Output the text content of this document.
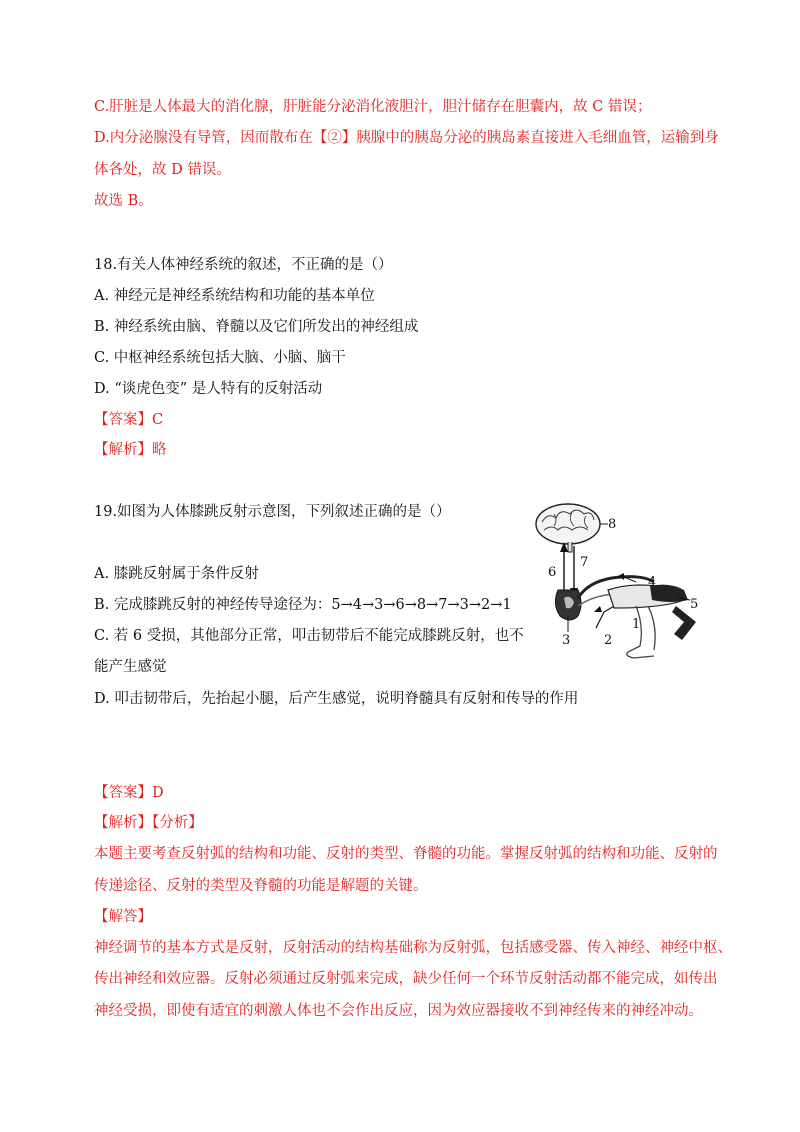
C.肝脏是人体最大的消化腺，肝脏能分泌消化液胆汁，胆汁储存在胆囊内，故 C 错误；
D.内分泌腺没有导管，因而散布在【②】胰腺中的胰岛分泌的胰岛素直接进入毛细血管，运输到身
体各处，故 D 错误。
故选 B。
18.有关人体神经系统的叙述，不正确的是（）
A. 神经元是神经系统结构和功能的基本单位
B. 神经系统由脑、脊髓以及它们所发出的神经组成
C. 中枢神经系统包括大脑、小脑、脑干
D. “谈虎色变” 是人特有的反射活动
【答案】C
【解析】略
19.如图为人体膝跳反射示意图，下列叙述正确的是（）
A. 膝跳反射属于条件反射
B. 完成膝跳反射的神经传导途径为：5→4→3→6→8→7→3→2→1
C. 若 6 受损，其他部分正常，叩击韧带后不能完成膝跳反射，也不
能产生感觉
D. 叩击韧带后，先抬起小腿，后产生感觉，说明脊髓具有反射和传导的作用
8
7
6
4
5
1
2
3
【答案】D
【解析】【分析】
本题主要考查反射弧的结构和功能、反射的类型、脊髓的功能。掌握反射弧的结构和功能、反射的
传递途径、反射的类型及脊髓的功能是解题的关键。
【解答】
神经调节的基本方式是反射，反射活动的结构基础称为反射弧，包括感受器、传入神经、神经中枢、
传出神经和效应器。反射必须通过反射弧来完成，缺少任何一个环节反射活动都不能完成，如传出
神经受损，即使有适宜的刺激人体也不会作出反应，因为效应器接收不到神经传来的神经冲动。
